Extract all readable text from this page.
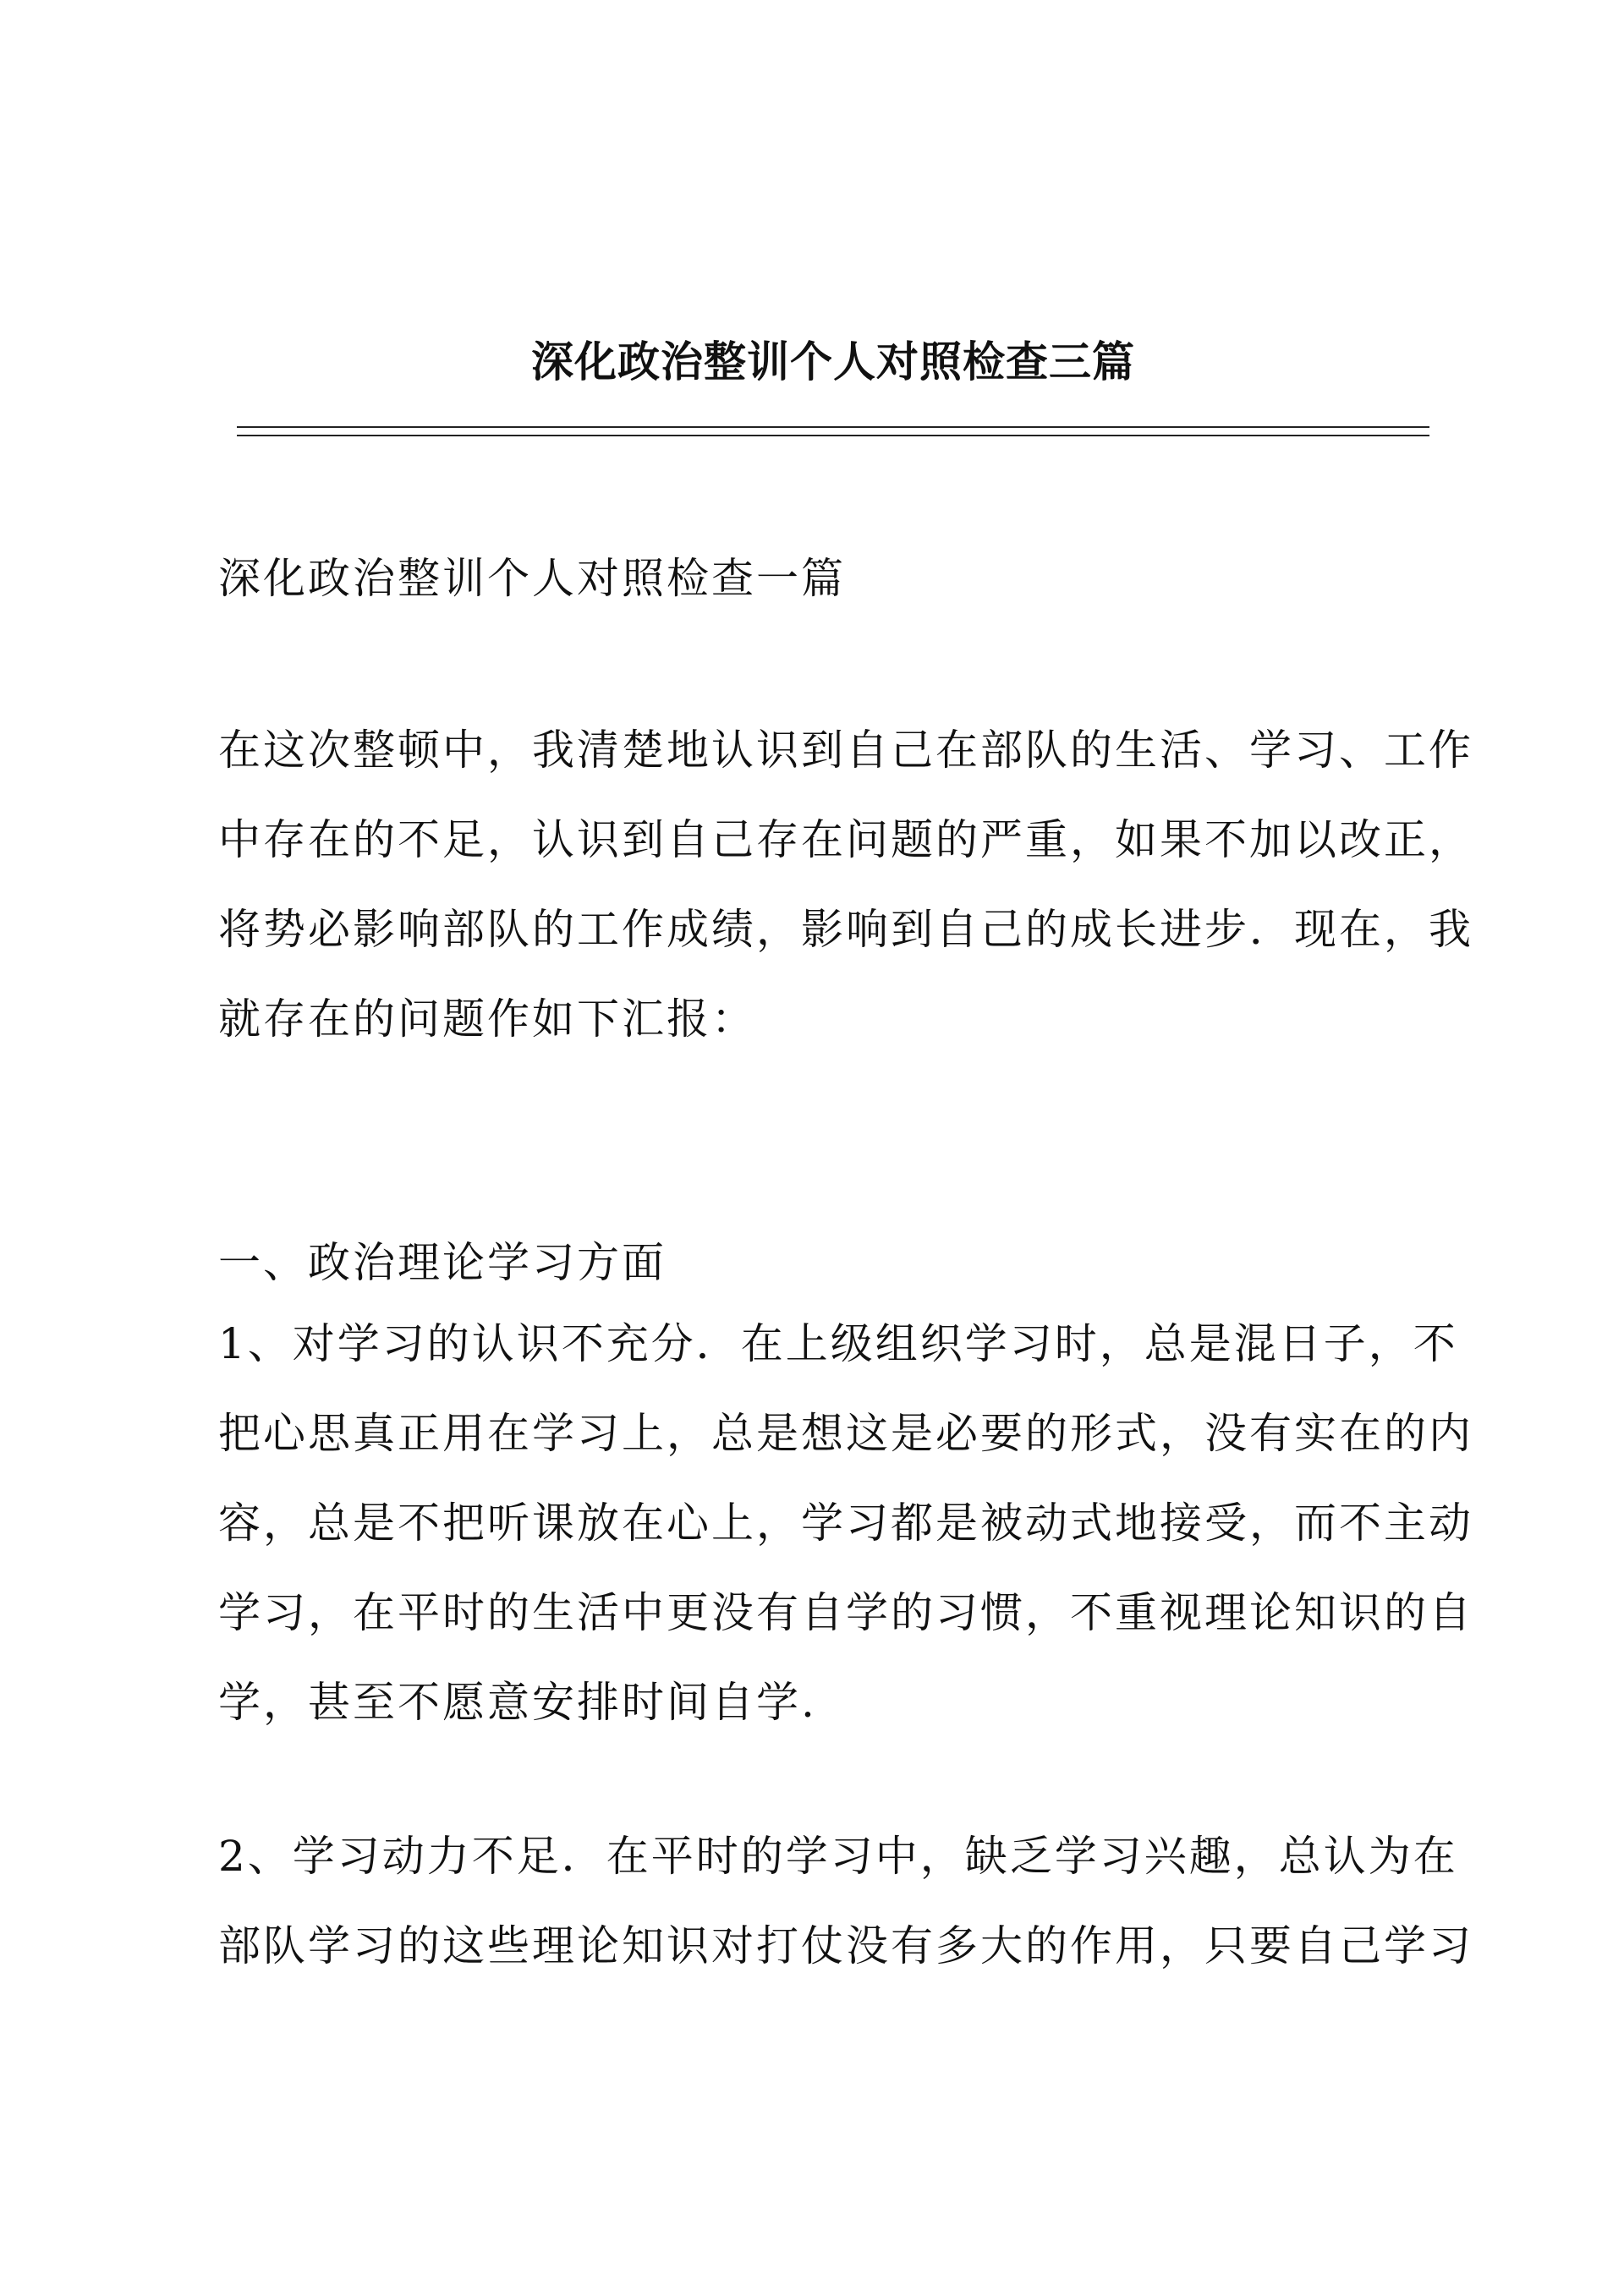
深化政治整训个人对照检查三篇

深化政治整训个人对照检查一篇

在这次整顿中，我清楚地认识到自己在部队的生活、学习、工作
中存在的不足，认识到自己存在问题的严重，如果不加以改正，
将势必影响部队的工作成绩，影响到自己的成长进步．现在，我
就存在的问题作如下汇报：

一、政治理论学习方面

1、对学习的认识不充分．在上级组织学习时，总是混日子，不
把心思真正用在学习上，总是想这是必要的形式，没有实在的内
容，总是不把听课放在心上，学习都是被动式地接受，而不主动
学习，在平时的生活中更没有自学的习惯，不重视理论知识的自
学，甚至不愿意安排时间自学.

2、学习动力不足．在平时的学习中，缺乏学习兴趣，总认为在
部队学习的这些理论知识对打仗没有多大的作用，只要自己学习
